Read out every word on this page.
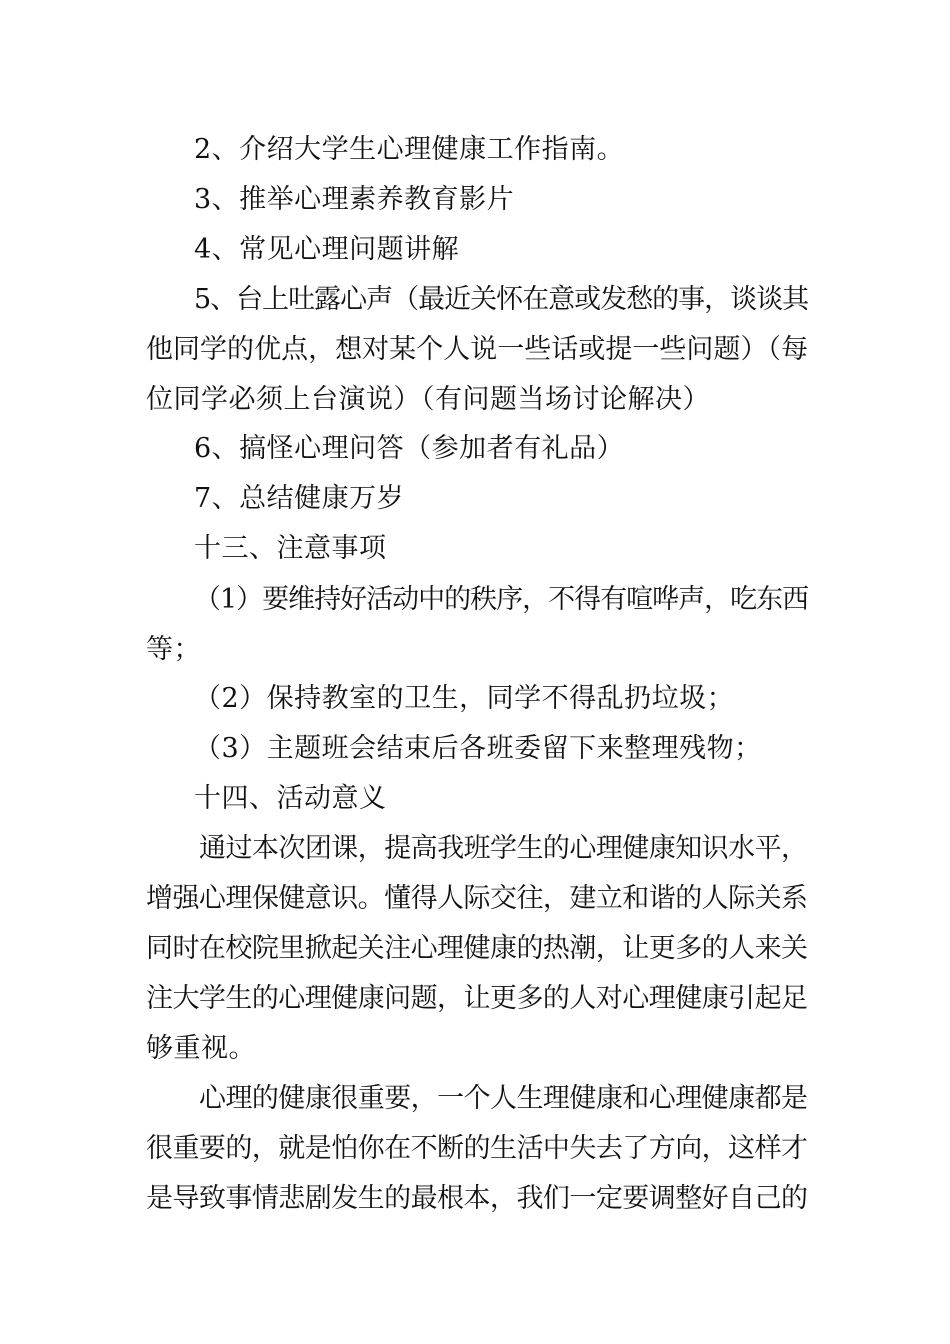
2、介绍大学生心理健康工作指南。
3、推举心理素养教育影片
4、常见心理问题讲解
5、台上吐露心声（最近关怀在意或发愁的事，谈谈其
他同学的优点，想对某个人说一些话或提一些问题）（每
位同学必须上台演说）（有问题当场讨论解决）
6、搞怪心理问答（参加者有礼品）
7、总结健康万岁
十三、注意事项
（1）要维持好活动中的秩序，不得有喧哗声，吃东西
等；
（2）保持教室的卫生，同学不得乱扔垃圾；
（3）主题班会结束后各班委留下来整理残物；
十四、活动意义
通过本次团课，提高我班学生的心理健康知识水平，
增强心理保健意识。懂得人际交往，建立和谐的人际关系
同时在校院里掀起关注心理健康的热潮，让更多的人来关
注大学生的心理健康问题，让更多的人对心理健康引起足
够重视。
心理的健康很重要，一个人生理健康和心理健康都是
很重要的，就是怕你在不断的生活中失去了方向，这样才
是导致事情悲剧发生的最根本，我们一定要调整好自己的
